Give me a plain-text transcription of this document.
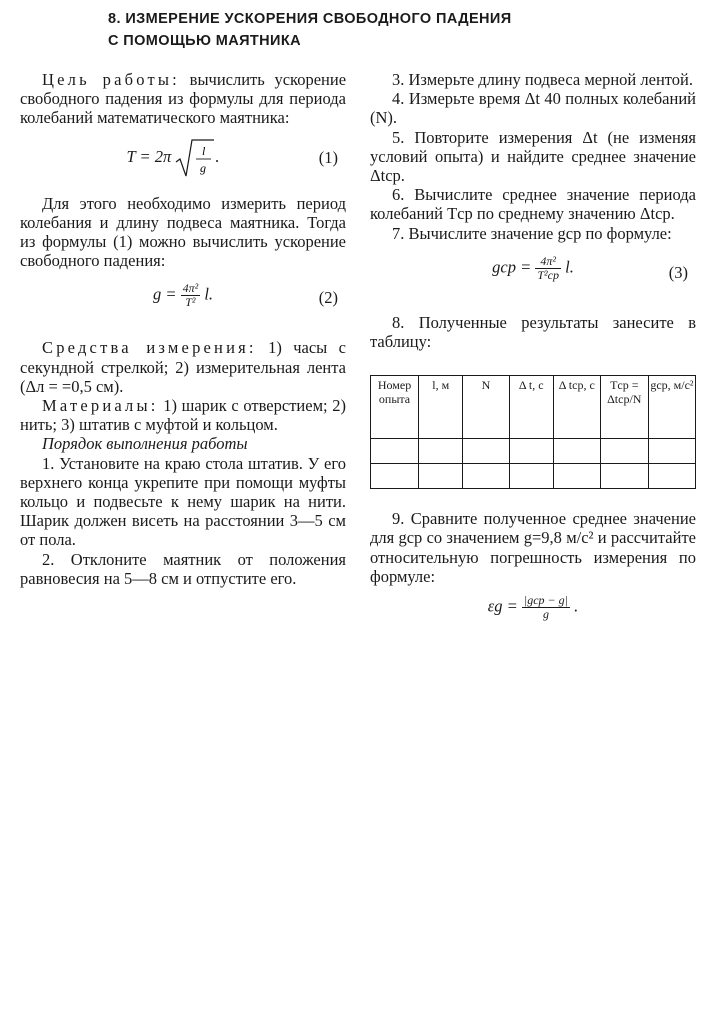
8. ИЗМЕРЕНИЕ УСКОРЕНИЯ СВОБОДНОГО ПАДЕНИЯ
С ПОМОЩЬЮ МАЯТНИКА

Цель работы: вычислить ускорение свободного падения из формулы для периода колебаний математического маятника:

T = 2π	l
g
.	(1)

Для этого необходимо измерить период колебания и длину подвеса маятника. Тогда из формулы (1) можно вычислить ускорение свободного падения:

$g = \frac{\text{4π²}}{\text{T²}} l$.	(2)

Средства измерения: 1) часы с секундной стрелкой; 2) измерительная лента (Δл = =0,5 см).

Материалы: 1) шарик с отверстием; 2) нить; 3) штатив с муфтой и кольцом.

Порядок выполнения работы

1. Установите на краю стола штатив. У его верхнего конца укрепите при помощи муфты кольцо и подвесьте к нему шарик на нити. Шарик должен висеть на расстоянии 3—5 см от пола.

2. Отклоните маятник от положения равновесия на 5—8 см и отпустите его.

3. Измерьте длину подвеса мерной лентой.

4. Измерьте время Δt 40 полных колебаний (N).

5. Повторите измерения Δt (не изменяя условий опыта) и найдите среднее значение Δtср.

6. Вычислите среднее значение периода колебаний Tср по среднему значению Δtср.

7. Вычислите значение gср по формуле:

gср = $\frac{\text{4π²}}{\text{T²ср}} l$.	(3)

8. Полученные результаты занесите в таблицу:

Номер опыта	l, м	N	Δ t, с	Δ tср, с	Tср = Δtср/N	gср, м/с²

9. Сравните полученное среднее значение для gср со значением g=9,8 м/с² и рассчитайте относительную погрешность измерения по формуле:

$\varepsilon g = \frac{\text{|gср − g|}}{g}$ .
